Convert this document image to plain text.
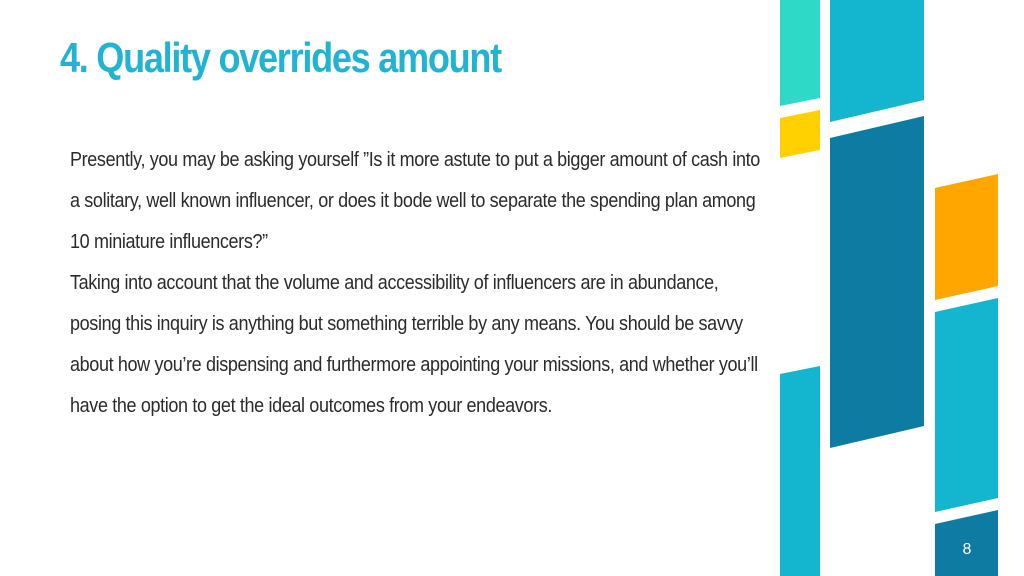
4. Quality overrides amount

Presently, you may be asking yourself ”Is it more astute to put a bigger amount of cash into a solitary, well known influencer, or does it bode well to separate the spending plan among 10 miniature influencers?”

Taking into account that the volume and accessibility of influencers are in abundance, posing this inquiry is anything but something terrible by any means. You should be savvy about how you’re dispensing and furthermore appointing your missions, and whether you’ll have the option to get the ideal outcomes from your endeavors.

8
